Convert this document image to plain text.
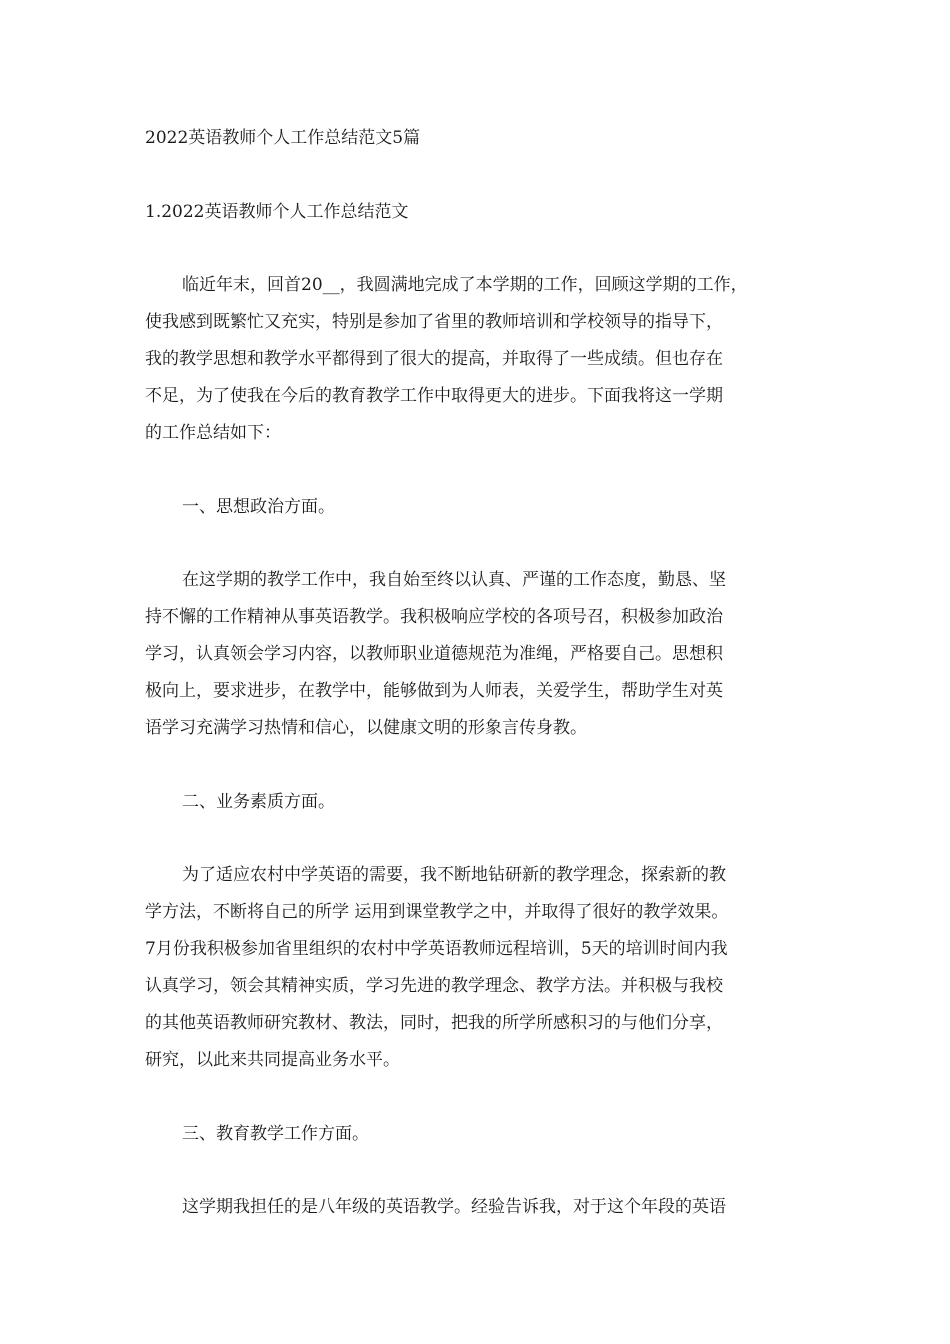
2022英语教师个人工作总结范文5篇
1.2022英语教师个人工作总结范文
临近年末，回首20__，我圆满地完成了本学期的工作，回顾这学期的工作，
使我感到既繁忙又充实，特别是参加了省里的教师培训和学校领导的指导下，
我的教学思想和教学水平都得到了很大的提高，并取得了一些成绩。但也存在
不足，为了使我在今后的教育教学工作中取得更大的进步。下面我将这一学期
的工作总结如下：
一、思想政治方面。
在这学期的教学工作中，我自始至终以认真、严谨的工作态度，勤恳、坚
持不懈的工作精神从事英语教学。我积极响应学校的各项号召，积极参加政治
学习，认真领会学习内容，以教师职业道德规范为准绳，严格要自己。思想积
极向上，要求进步，在教学中，能够做到为人师表，关爱学生，帮助学生对英
语学习充满学习热情和信心，以健康文明的形象言传身教。
二、业务素质方面。
为了适应农村中学英语的需要，我不断地钻研新的教学理念，探索新的教
学方法，不断将自己的所学 运用到课堂教学之中，并取得了很好的教学效果。
7月份我积极参加省里组织的农村中学英语教师远程培训，5天的培训时间内我
认真学习，领会其精神实质，学习先进的教学理念、教学方法。并积极与我校
的其他英语教师研究教材、教法，同时，把我的所学所感积习的与他们分享，
研究，以此来共同提高业务水平。
三、教育教学工作方面。
这学期我担任的是八年级的英语教学。经验告诉我，对于这个年段的英语
